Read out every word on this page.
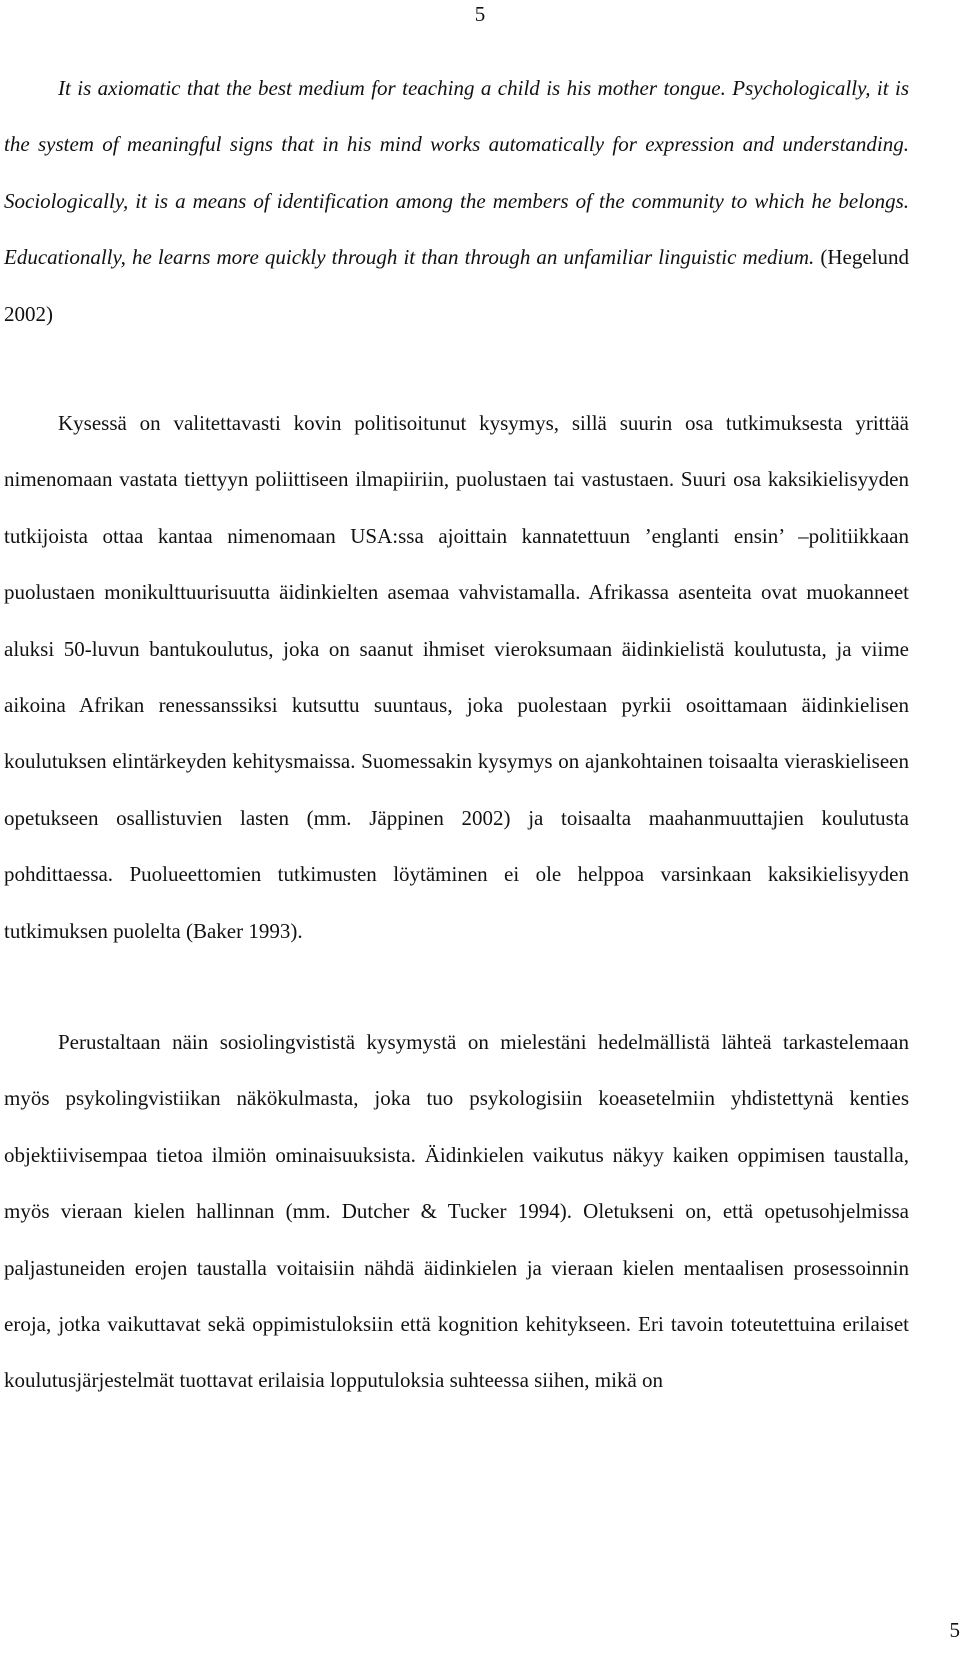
5

It is axiomatic that the best medium for teaching a child is his mother tongue. Psychologically, it is the system of meaningful signs that in his mind works automatically for expression and understanding. Sociologically, it is a means of identification among the members of the community to which he belongs. Educationally, he learns more quickly through it than through an unfamiliar linguistic medium. (Hegelund 2002)

Kysessä on valitettavasti kovin politisoitunut kysymys, sillä suurin osa tutkimuksesta yrittää nimenomaan vastata tiettyyn poliittiseen ilmapiiriin, puolustaen tai vastustaen. Suuri osa kaksikielisyyden tutkijoista ottaa kantaa nimenomaan USA:ssa ajoittain kannatettuun ’englanti ensin’ –politiikkaan puolustaen monikulttuurisuutta äidinkielten asemaa vahvistamalla. Afrikassa asenteita ovat muokanneet aluksi 50-luvun bantukoulutus, joka on saanut ihmiset vieroksumaan äidinkielistä koulutusta, ja viime aikoina Afrikan renessanssiksi kutsuttu suuntaus, joka puolestaan pyrkii osoittamaan äidinkielisen koulutuksen elintärkeyden kehitysmaissa. Suomessakin kysymys on ajankohtainen toisaalta vieraskieliseen opetukseen osallistuvien lasten (mm. Jäppinen 2002) ja toisaalta maahanmuuttajien koulutusta pohdittaessa. Puolueettomien tutkimusten löytäminen ei ole helppoa varsinkaan kaksikielisyyden tutkimuksen puolelta (Baker 1993).

Perustaltaan näin sosiolingvististä kysymystä on mielestäni hedelmällistä lähteä tarkastelemaan myös psykolingvistiikan näkökulmasta, joka tuo psykologisiin koeasetelmiin yhdistettynä kenties objektiivisempaa tietoa ilmiön ominaisuuksista. Äidinkielen vaikutus näkyy kaiken oppimisen taustalla, myös vieraan kielen hallinnan (mm. Dutcher & Tucker 1994). Oletukseni on, että opetusohjelmissa paljastuneiden erojen taustalla voitaisiin nähdä äidinkielen ja vieraan kielen mentaalisen prosessoinnin eroja, jotka vaikuttavat sekä oppimistuloksiin että kognition kehitykseen. Eri tavoin toteutettuina erilaiset koulutusjärjestelmät tuottavat erilaisia lopputuloksia suhteessa siihen, mikä on

5
